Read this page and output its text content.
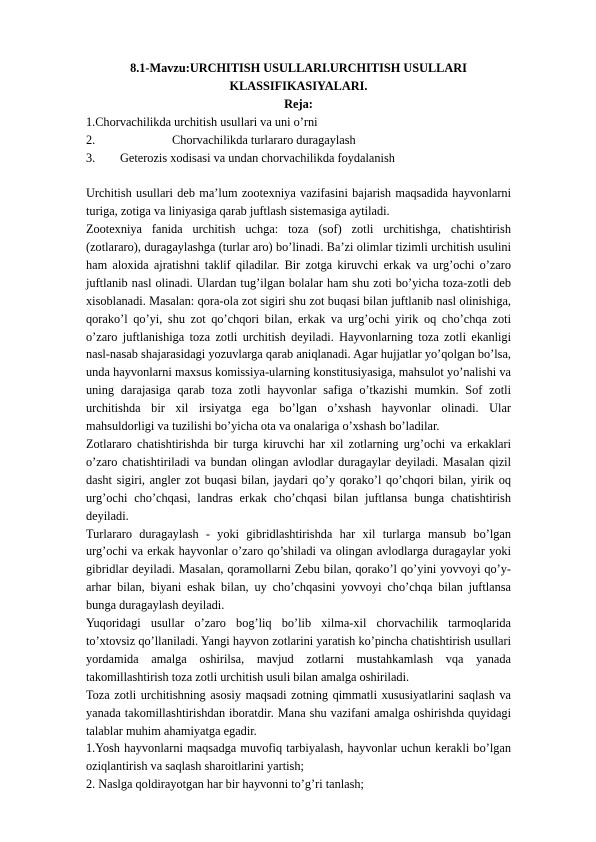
8.1-Mavzu:URCHITISH USULLARI.URCHITISH USULLARI
KLASSIFIKASIYALARI.

Reja:

1.Chorvachilikda urchitish usullari va uni o’rni

2.	Chorvachilikda turlararo duragaylash

3. Geterozis xodisasi va undan chorvachilikda foydalanish

Urchitish usullari deb ma’lum zootexniya vazifasini bajarish maqsadida hayvonlarni turiga, zotiga va liniyasiga qarab juftlash sistemasiga aytiladi.

Zootexniya fanida urchitish uchga: toza (sof) zotli urchitishga, chatishtirish (zotlararo), duragaylashga (turlar aro) bo’linadi. Ba’zi olimlar tizimli urchitish usulini ham aloxida ajratishni taklif qiladilar. Bir zotga kiruvchi erkak va urg’ochi o’zaro juftlanib nasl olinadi. Ulardan tug’ilgan bolalar ham shu zoti bo’yicha toza-zotli deb xisoblanadi. Masalan: qora-ola zot sigiri shu zot buqasi bilan juftlanib nasl olinishiga, qorako’l qo’yi, shu zot qo’chqori bilan, erkak va urg’ochi yirik oq cho’chqa zoti o’zaro juftlanishiga toza zotli urchitish deyiladi. Hayvonlarning toza zotli ekanligi nasl-nasab shajarasidagi yozuvlarga qarab aniqlanadi. Agar hujjatlar yo’qolgan bo’lsa, unda hayvonlarni maxsus komissiya-ularning konstitusiyasiga, mahsulot yo’nalishi va uning darajasiga qarab toza zotli hayvonlar safiga o’tkazishi mumkin. Sof zotli urchitishda bir xil irsiyatga ega bo’lgan o’xshash hayvonlar olinadi. Ular mahsuldorligi va tuzilishi bo’yicha ota va onalariga o’xshash bo’ladilar.

Zotlararo chatishtirishda bir turga kiruvchi har xil zotlarning urg’ochi va erkaklari o’zaro chatishtiriladi va bundan olingan avlodlar duragaylar deyiladi. Masalan qizil dasht sigiri, angler zot buqasi bilan, jaydari qo’y qorako’l qo’chqori bilan, yirik oq urg’ochi cho’chqasi, landras erkak cho’chqasi bilan juftlansa bunga chatishtirish deyiladi.

Turlararo duragaylash - yoki gibridlashtirishda har xil turlarga mansub bo’lgan urg’ochi va erkak hayvonlar o’zaro qo’shiladi va olingan avlodlarga duragaylar yoki gibridlar deyiladi. Masalan, qoramollarni Zebu bilan, qorako’l qo’yini yovvoyi qo’y-arhar bilan, biyani eshak bilan, uy cho’chqasini yovvoyi cho’chqa bilan juftlansa bunga duragaylash deyiladi.

Yuqoridagi usullar o’zaro bog’liq bo’lib xilma-xil chorvachilik tarmoqlarida to’xtovsiz qo’llaniladi. Yangi hayvon zotlarini yaratish ko’pincha chatishtirish usullari yordamida amalga oshirilsa, mavjud zotlarni mustahkamlash vqa yanada takomillashtirish toza zotli urchitish usuli bilan amalga oshiriladi.

Toza zotli urchitishning asosiy maqsadi zotning qimmatli xususiyatlarini saqlash va yanada takomillashtirishdan iboratdir. Mana shu vazifani amalga oshirishda quyidagi talablar muhim ahamiyatga egadir.

1.Yosh hayvonlarni maqsadga muvofiq tarbiyalash, hayvonlar uchun kerakli bo’lgan oziqlantirish va saqlash sharoitlarini yartish;

2. Naslga qoldirayotgan har bir hayvonni to’g’ri tanlash;
